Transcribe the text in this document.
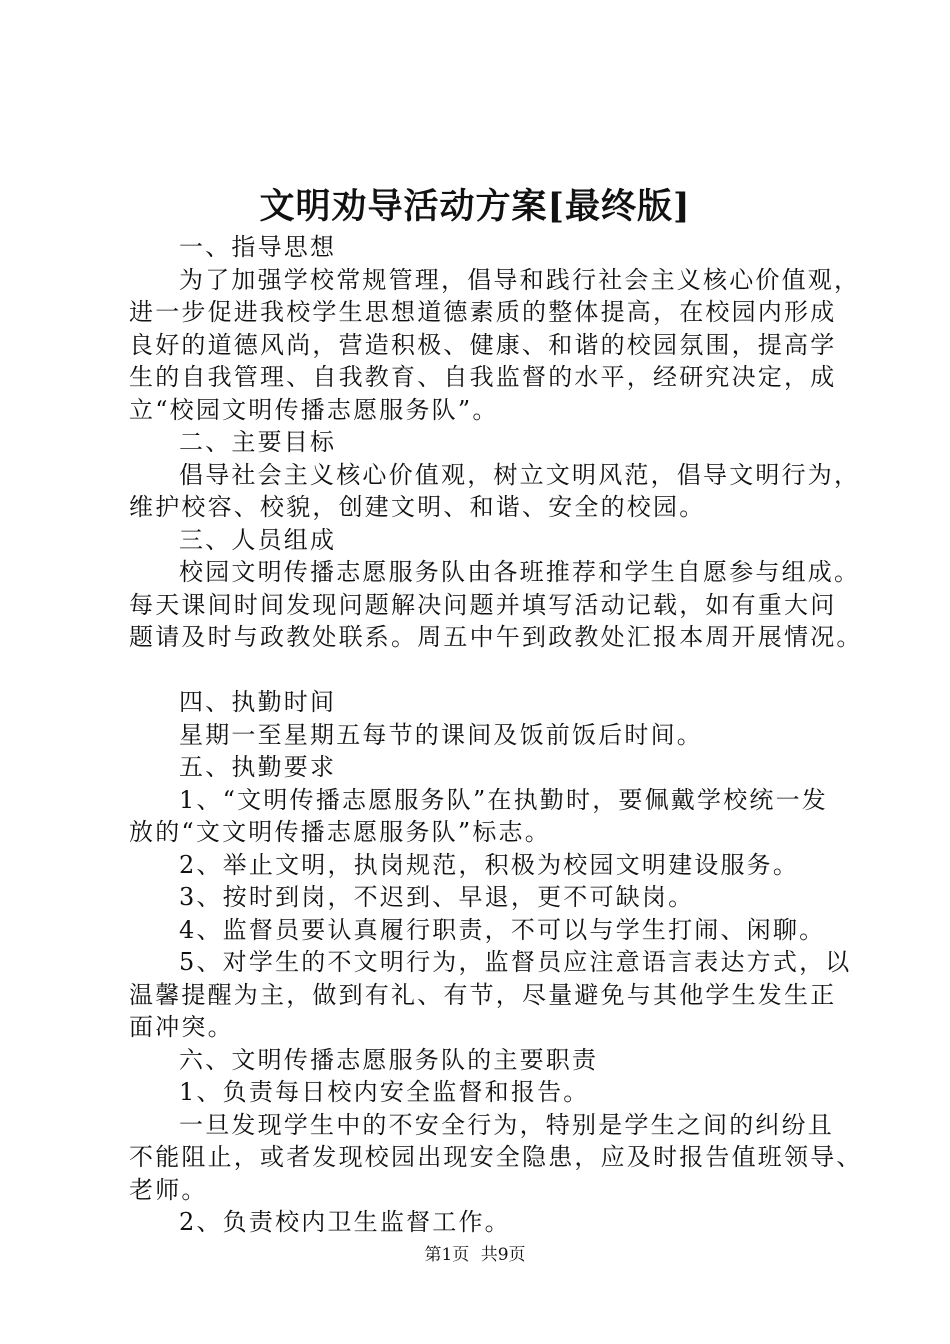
文明劝导活动方案[最终版]

一、指导思想

为了加强学校常规管理，倡导和践行社会主义核心价值观，

进一步促进我校学生思想道德素质的整体提高，在校园内形成

良好的道德风尚，营造积极、健康、和谐的校园氛围，提高学

生的自我管理、自我教育、自我监督的水平，经研究决定，成

立“校园文明传播志愿服务队”。

二、主要目标

倡导社会主义核心价值观，树立文明风范，倡导文明行为，

维护校容、校貌，创建文明、和谐、安全的校园。

三、人员组成

校园文明传播志愿服务队由各班推荐和学生自愿参与组成。

每天课间时间发现问题解决问题并填写活动记载，如有重大问

题请及时与政教处联系。周五中午到政教处汇报本周开展情况。

四、执勤时间

星期一至星期五每节的课间及饭前饭后时间。

五、执勤要求

1、“文明传播志愿服务队”在执勤时，要佩戴学校统一发

放的“文文明传播志愿服务队”标志。

2、举止文明，执岗规范，积极为校园文明建设服务。

3、按时到岗，不迟到、早退，更不可缺岗。

4、监督员要认真履行职责，不可以与学生打闹、闲聊。

5、对学生的不文明行为，监督员应注意语言表达方式，以

温馨提醒为主，做到有礼、有节，尽量避免与其他学生发生正

面冲突。

六、文明传播志愿服务队的主要职责

1、负责每日校内安全监督和报告。

一旦发现学生中的不安全行为，特别是学生之间的纠纷且

不能阻止，或者发现校园出现安全隐患，应及时报告值班领导、

老师。

2、负责校内卫生监督工作。

第1页 共9页
